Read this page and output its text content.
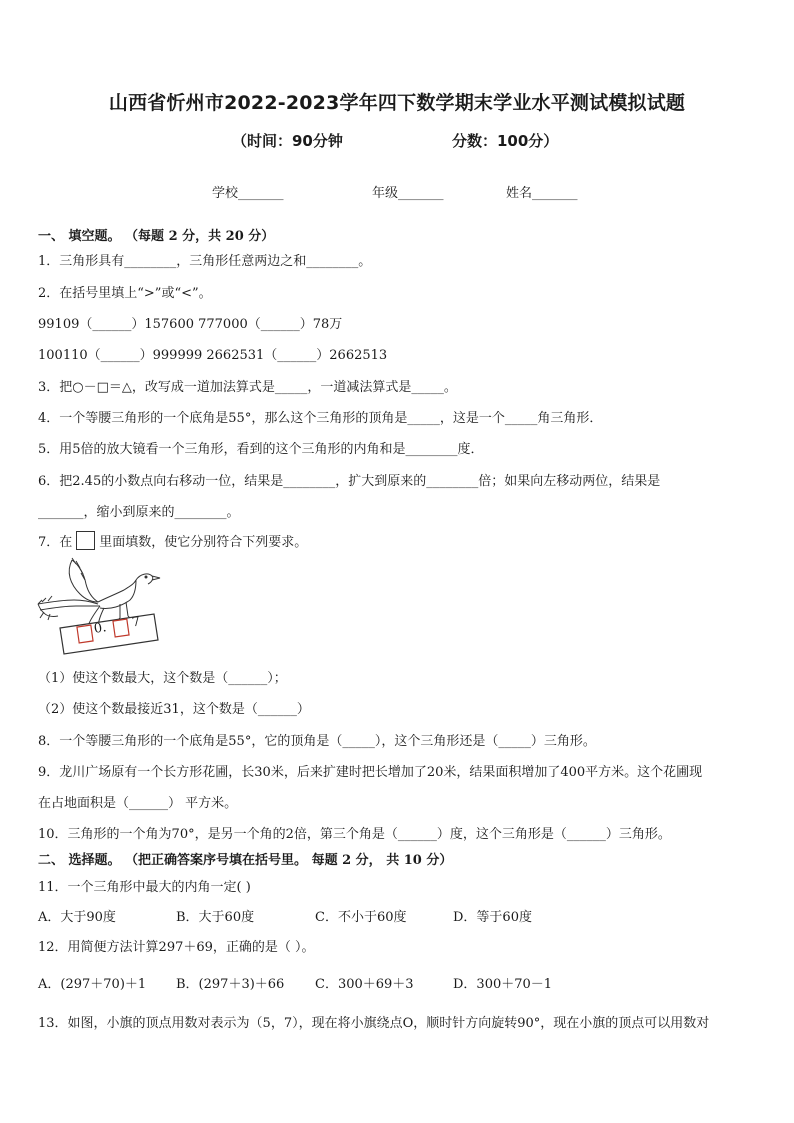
山西省忻州市2022-2023学年四下数学期末学业水平测试模拟试题
（时间：90分钟	分数：100分）
学校_______	年级_______	姓名_______
一、 填空题。 （每题 2 分，共 20 分）
1．三角形具有________，三角形任意两边之和________。
2．在括号里填上“>”或“<”。
99109（______）157600 777000（______）78万
100110（______）999999 2662531（______）2662513
3．把○－□＝△，改写成一道加法算式是_____，一道减法算式是_____。
4．一个等腰三角形的一个底角是55°，那么这个三角形的顶角是_____，这是一个_____角三角形．
5．用5倍的放大镜看一个三角形，看到的这个三角形的内角和是________度．
6．把2.45的小数点向右移动一位，结果是________，扩大到原来的________倍；如果向左移动两位，结果是
_______，缩小到原来的________。
7．在 里面填数，使它分别符合下列要求。
0. 7
（1）使这个数最大，这个数是（______）；
（2）使这个数最接近31，这个数是（______）
8．一个等腰三角形的一个底角是55°，它的顶角是（_____），这个三角形还是（_____）三角形。
9．龙川广场原有一个长方形花圃，长30米，后来扩建时把长增加了20米，结果面积增加了400平方米。这个花圃现
在占地面积是（______） 平方米。
10．三角形的一个角为70°，是另一个角的2倍，第三个角是（______）度，这个三角形是（______）三角形。
二、 选择题。 （把正确答案序号填在括号里。 每题 2 分， 共 10 分）
11．一个三角形中最大的内角一定( )
A．大于90度	B．大于60度	C．不小于60度	D．等于60度
12．用简便方法计算297＋69，正确的是（ ）。
A．(297＋70)＋1 B．(297＋3)＋66 C．300＋69＋3	D．300＋70－1
13．如图，小旗的顶点用数对表示为（5，7），现在将小旗绕点O，顺时针方向旋转90°，现在小旗的顶点可以用数对
